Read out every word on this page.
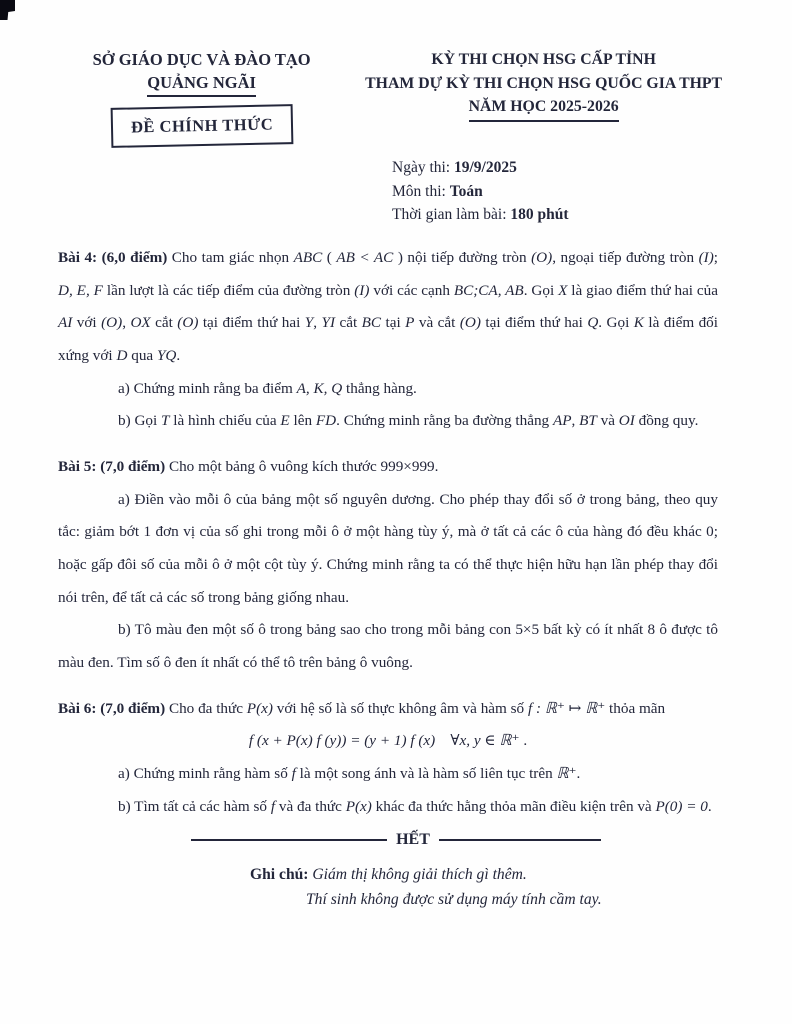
SỞ GIÁO DỤC VÀ ĐÀO TẠO
QUẢNG NGÃI
ĐỀ CHÍNH THỨC
KỲ THI CHỌN HSG CẤP TỈNH
THAM DỰ KỲ THI CHỌN HSG QUỐC GIA THPT
NĂM HỌC 2025-2026
Ngày thi: 19/9/2025
Môn thi: Toán
Thời gian làm bài: 180 phút

Bài 4: (6,0 điểm) Cho tam giác nhọn ABC ( AB < AC ) nội tiếp đường tròn (O), ngoại tiếp đường tròn (I); D, E, F lần lượt là các tiếp điểm của đường tròn (I) với các cạnh BC;CA, AB. Gọi X là giao điểm thứ hai của AI với (O), OX cắt (O) tại điểm thứ hai Y, YI cắt BC tại P và cắt (O) tại điểm thứ hai Q. Gọi K là điểm đối xứng với D qua YQ.

a) Chứng minh rằng ba điểm A, K, Q thẳng hàng.

b) Gọi T là hình chiếu của E lên FD. Chứng minh rằng ba đường thẳng AP, BT và OI đồng quy.

Bài 5: (7,0 điểm) Cho một bảng ô vuông kích thước 999×999.

a) Điền vào mỗi ô của bảng một số nguyên dương. Cho phép thay đổi số ở trong bảng, theo quy tắc: giảm bớt 1 đơn vị của số ghi trong mỗi ô ở một hàng tùy ý, mà ở tất cả các ô của hàng đó đều khác 0; hoặc gấp đôi số của mỗi ô ở một cột tùy ý. Chứng minh rằng ta có thể thực hiện hữu hạn lần phép thay đổi nói trên, để tất cả các số trong bảng giống nhau.

b) Tô màu đen một số ô trong bảng sao cho trong mỗi bảng con 5×5 bất kỳ có ít nhất 8 ô được tô màu đen. Tìm số ô đen ít nhất có thể tô trên bảng ô vuông.

Bài 6: (7,0 điểm) Cho đa thức P(x) với hệ số là số thực không âm và hàm số f : ℝ⁺ ↦ ℝ⁺ thỏa mãn

f (x + P(x) f (y)) = (y + 1) f (x) ∀x, y ∈ ℝ⁺ .

a) Chứng minh rằng hàm số f là một song ánh và là hàm số liên tục trên ℝ⁺.

b) Tìm tất cả các hàm số f và đa thức P(x) khác đa thức hằng thỏa mãn điều kiện trên và P(0) = 0.

HẾT
Ghi chú: Giám thị không giải thích gì thêm.
Thí sinh không được sử dụng máy tính cầm tay.
